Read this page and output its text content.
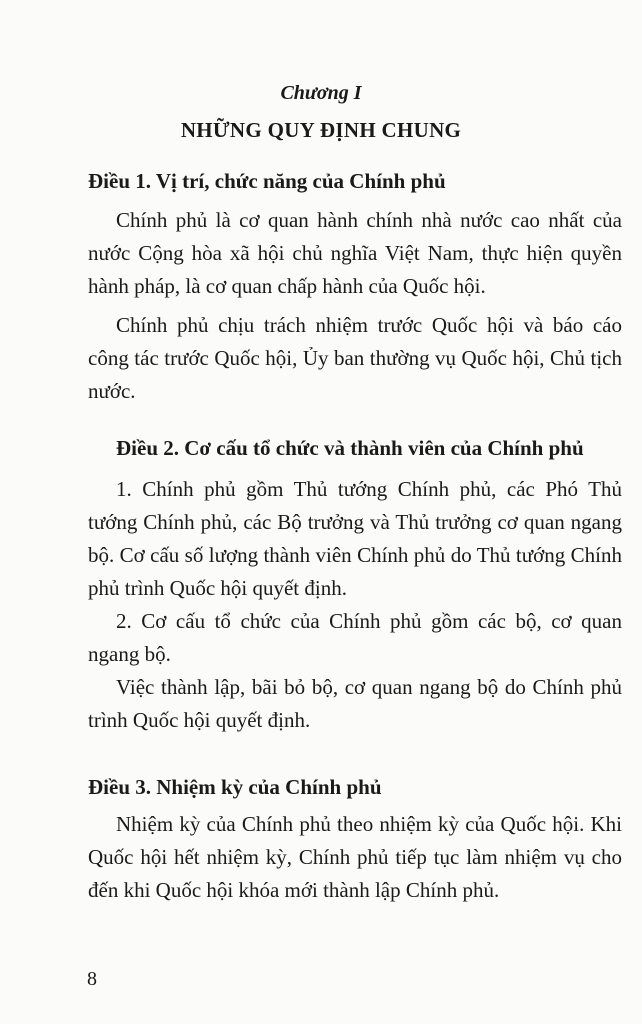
Chương I
NHỮNG QUY ĐỊNH CHUNG

Điều 1. Vị trí, chức năng của Chính phủ

Chính phủ là cơ quan hành chính nhà nước cao nhất của nước Cộng hòa xã hội chủ nghĩa Việt Nam, thực hiện quyền hành pháp, là cơ quan chấp hành của Quốc hội.

Chính phủ chịu trách nhiệm trước Quốc hội và báo cáo công tác trước Quốc hội, Ủy ban thường vụ Quốc hội, Chủ tịch nước.

Điều 2. Cơ cấu tổ chức và thành viên của Chính phủ

1. Chính phủ gồm Thủ tướng Chính phủ, các Phó Thủ tướng Chính phủ, các Bộ trưởng và Thủ trưởng cơ quan ngang bộ. Cơ cấu số lượng thành viên Chính phủ do Thủ tướng Chính phủ trình Quốc hội quyết định.

2. Cơ cấu tổ chức của Chính phủ gồm các bộ, cơ quan ngang bộ.

Việc thành lập, bãi bỏ bộ, cơ quan ngang bộ do Chính phủ trình Quốc hội quyết định.

Điều 3. Nhiệm kỳ của Chính phủ

Nhiệm kỳ của Chính phủ theo nhiệm kỳ của Quốc hội. Khi Quốc hội hết nhiệm kỳ, Chính phủ tiếp tục làm nhiệm vụ cho đến khi Quốc hội khóa mới thành lập Chính phủ.

8
